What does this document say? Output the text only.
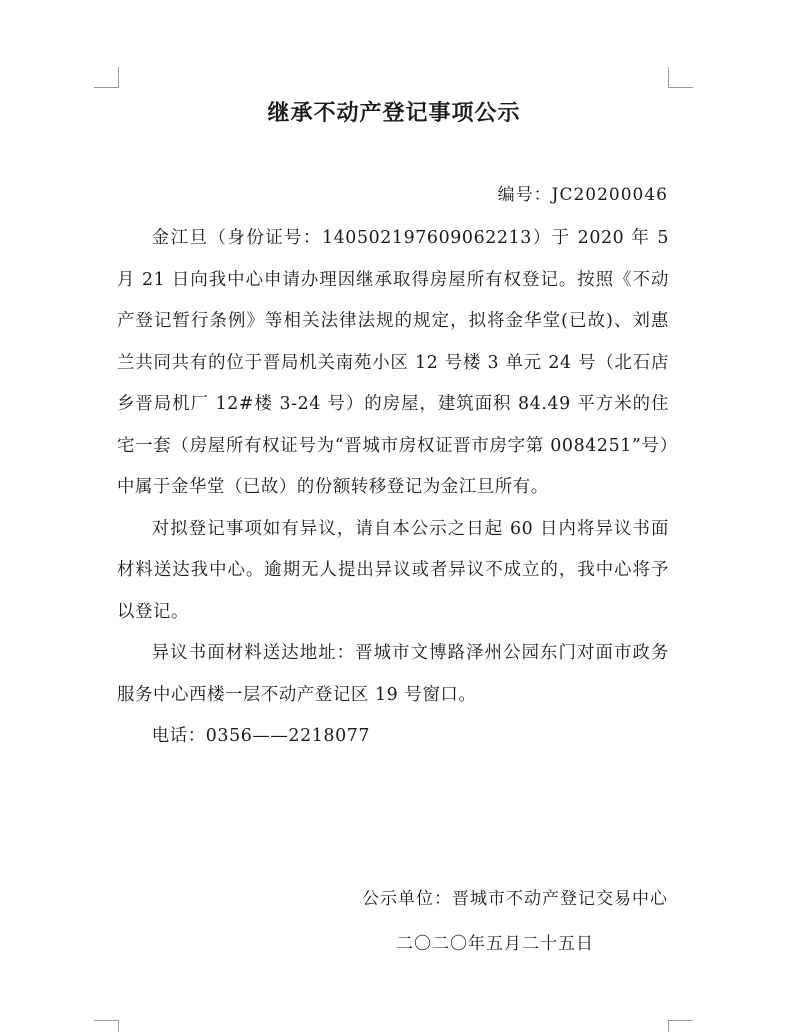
继承不动产登记事项公示
编号：JC20200046

金江旦（身份证号：140502197609062213）于 2020 年 5 月 21 日向我中心申请办理因继承取得房屋所有权登记。按照《不动产登记暂行条例》等相关法律法规的规定，拟将金华堂(已故)、刘惠兰共同共有的位于晋局机关南苑小区 12 号楼 3 单元 24 号（北石店乡晋局机厂 12#楼 3-24 号）的房屋，建筑面积 84.49 平方米的住宅一套（房屋所有权证号为“晋城市房权证晋市房字第 0084251”号）中属于金华堂（已故）的份额转移登记为金江旦所有。

对拟登记事项如有异议，请自本公示之日起 60 日内将异议书面材料送达我中心。逾期无人提出异议或者异议不成立的，我中心将予以登记。

异议书面材料送达地址：晋城市文博路泽州公园东门对面市政务服务中心西楼一层不动产登记区 19 号窗口。

电话：0356——2218077

公示单位：晋城市不动产登记交易中心
二〇二〇年五月二十五日
